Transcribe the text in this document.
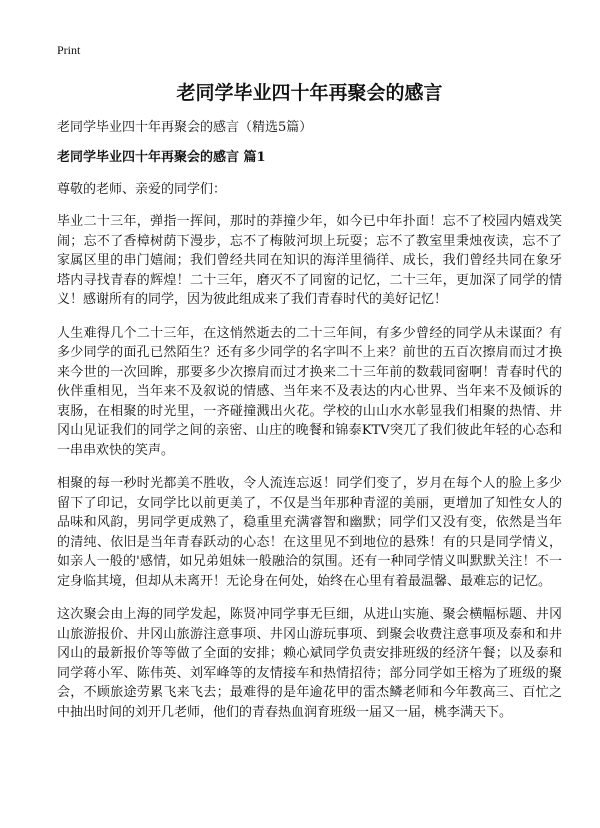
Print
老同学毕业四十年再聚会的感言
老同学毕业四十年再聚会的感言（精选5篇）
老同学毕业四十年再聚会的感言 篇1
尊敬的老师、亲爱的同学们：

毕业二十三年，弹指一挥间，那时的莽撞少年，如今已中年扑面！忘不了校园内嬉戏笑闹；忘不了香樟树荫下漫步，忘不了梅陂河坝上玩耍；忘不了教室里秉烛夜读，忘不了家属区里的串门嬉闹；我们曾经共同在知识的海洋里徜徉、成长，我们曾经共同在象牙塔内寻找青春的辉煌！二十三年，磨灭不了同窗的记忆，二十三年，更加深了同学的情义！感谢所有的同学，因为彼此组成来了我们青春时代的美好记忆！

人生难得几个二十三年，在这悄然逝去的二十三年间，有多少曾经的同学从未谋面？有多少同学的面孔已然陌生？还有多少同学的名字叫不上来？前世的五百次擦肩而过才换来今世的一次回眸，那要多少次擦肩而过才换来二十三年前的数载同窗啊！青春时代的伙伴重相见，当年来不及叙说的情感、当年来不及表达的内心世界、当年来不及倾诉的衷肠，在相聚的时光里，一齐碰撞溅出火花。学校的山山水水彰显我们相聚的热情、井冈山见证我们的同学之间的亲密、山庄的晚餐和锦泰KTV突兀了我们彼此年轻的心态和一串串欢快的笑声。

相聚的每一秒时光都美不胜收，令人流连忘返！同学们变了，岁月在每个人的脸上多少留下了印记，女同学比以前更美了，不仅是当年那种青涩的美丽，更增加了知性女人的品味和风韵，男同学更成熟了，稳重里充满睿智和幽默；同学们又没有变，依然是当年的清纯、依旧是当年青春跃动的心态！在这里见不到地位的悬殊！有的只是同学情义，如亲人一般的'感情，如兄弟姐妹一般融洽的氛围。还有一种同学情义叫默默关注！不一定身临其境，但却从未离开！无论身在何处，始终在心里有着最温馨、最难忘的记忆。

这次聚会由上海的同学发起，陈贤冲同学事无巨细，从进山实施、聚会横幅标题、井冈山旅游报价、井冈山旅游注意事项、井冈山游玩事项、到聚会收费注意事项及泰和和井冈山的最新报价等等做了全面的安排；赖心斌同学负责安排班级的经济午餐；以及泰和同学蒋小军、陈伟英、刘军峰等的友情接车和热情招待；部分同学如王榕为了班级的聚会，不顾旅途劳累飞来飞去；最难得的是年逾花甲的雷杰鳞老师和今年教高三、百忙之中抽出时间的刘开几老师，他们的青春热血润育班级一届又一届，桃李满天下。
